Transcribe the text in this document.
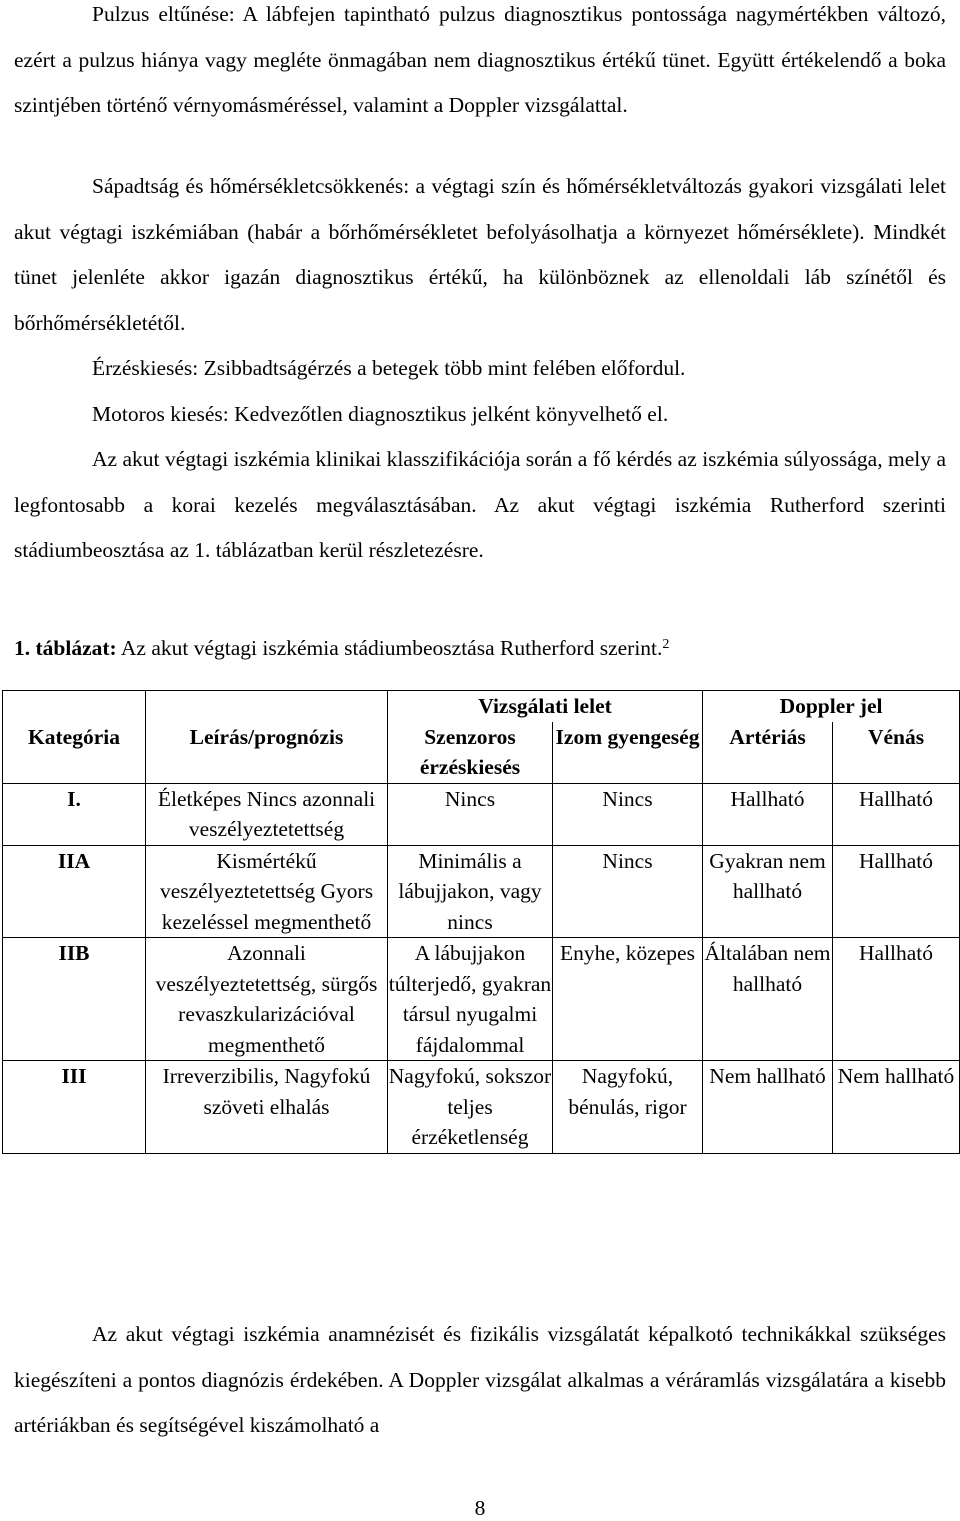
Pulzus eltűnése: A lábfejen tapintható pulzus diagnosztikus pontossága nagymértékben változó, ezért a pulzus hiánya vagy megléte önmagában nem diagnosztikus értékű tünet. Együtt értékelendő a boka szintjében történő vérnyomásméréssel, valamint a Doppler vizsgálattal.

Sápadtság és hőmérsékletcsökkenés: a végtagi szín és hőmérsékletváltozás gyakori vizsgálati lelet akut végtagi iszkémiában (habár a bőrhőmérsékletet befolyásolhatja a környezet hőmérséklete). Mindkét tünet jelenléte akkor igazán diagnosztikus értékű, ha különböznek az ellenoldali láb színétől és bőrhőmérsékletétől.

Érzéskiesés: Zsibbadtságérzés a betegek több mint felében előfordul.

Motoros kiesés: Kedvezőtlen diagnosztikus jelként könyvelhető el.

Az akut végtagi iszkémia klinikai klasszifikációja során a fő kérdés az iszkémia súlyossága, mely a legfontosabb a korai kezelés megválasztásában. Az akut végtagi iszkémia Rutherford szerinti stádiumbeosztása az 1. táblázatban kerül részletezésre.

1. táblázat: Az akut végtagi iszkémia stádiumbeosztása Rutherford szerint.$^2$
		Vizsgálati lelet		Doppler jel	
Kategória	Leírás/prognózis	Szenzoros érzéskiesés	Izom gyengeség	Artériás	Vénás
I.	Életképes Nincs azonnali veszélyeztetettség	Nincs	Nincs	Hallható	Hallható
IIA	Kismértékű veszélyeztetettség Gyors kezeléssel megmenthető	Minimális a lábujjakon, vagy nincs	Nincs	Gyakran nem hallható	Hallható
IIB	Azonnali veszélyeztetettség, sürgős revaszkularizációval megmenthető	A lábujjakon túlterjedő, gyakran társul nyugalmi fájdalommal	Enyhe, közepes	Általában nem hallható	Hallható
III	Irreverzibilis, Nagyfokú szöveti elhalás	Nagyfokú, sokszor teljes érzéketlenség	Nagyfokú, bénulás, rigor	Nem hallható	Nem hallható

Az akut végtagi iszkémia anamnézisét és fizikális vizsgálatát képalkotó technikákkal szükséges kiegészíteni a pontos diagnózis érdekében. A Doppler vizsgálat alkalmas a véráramlás vizsgálatára a kisebb artériákban és segítségével kiszámolható a

8
